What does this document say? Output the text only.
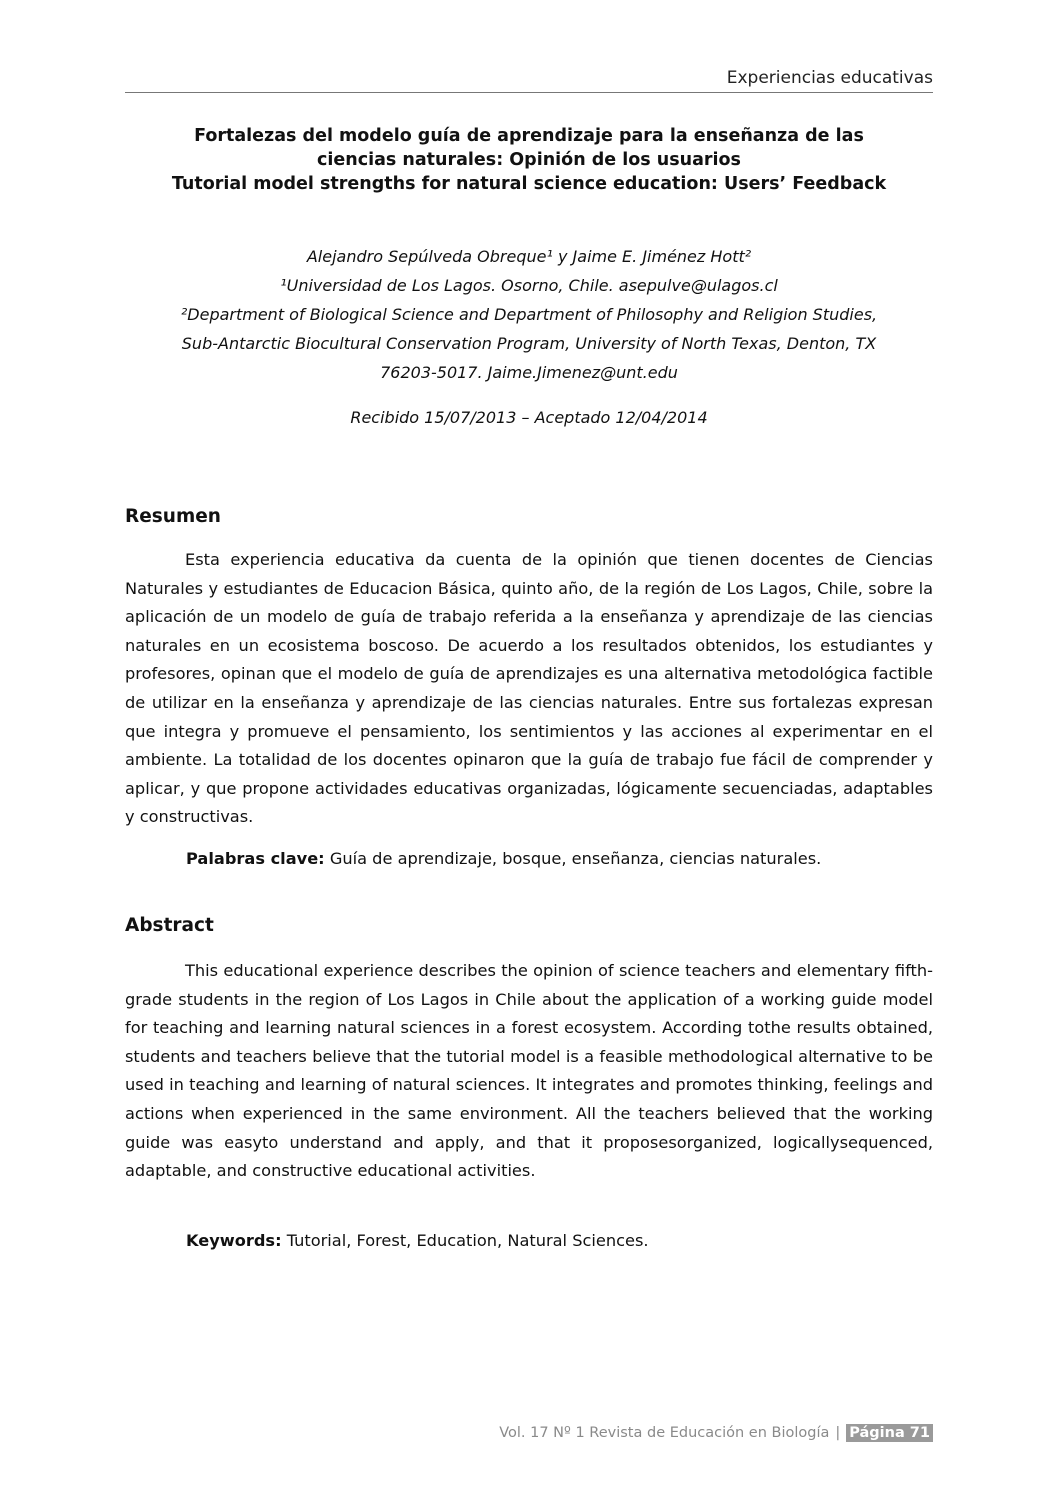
Experiencias educativas
Fortalezas del modelo guía de aprendizaje para la enseñanza de las
ciencias naturales: Opinión de los usuarios
Tutorial model strengths for natural science education: Users’ Feedback
Alejandro Sepúlveda Obreque¹ y Jaime E. Jiménez Hott²
¹Universidad de Los Lagos. Osorno, Chile. asepulve@ulagos.cl
²Department of Biological Science and Department of Philosophy and Religion Studies,
Sub-Antarctic Biocultural Conservation Program, University of North Texas, Denton, TX
76203-5017. Jaime.Jimenez@unt.edu
Recibido 15/07/2013 – Aceptado 12/04/2014
Resumen
Esta experiencia educativa da cuenta de la opinión que tienen docentes de Ciencias Naturales y estudiantes de Educacion Básica, quinto año, de la región de Los Lagos, Chile, sobre la aplicación de un modelo de guía de trabajo referida a la enseñanza y aprendizaje de las ciencias naturales en un ecosistema boscoso. De acuerdo a los resultados obtenidos, los estudiantes y profesores, opinan que el modelo de guía de aprendizajes es una alternativa metodológica factible de utilizar en la enseñanza y aprendizaje de las ciencias naturales. Entre sus fortalezas expresan que integra y promueve el pensamiento, los sentimientos y las acciones al experimentar en el ambiente. La totalidad de los docentes opinaron que la guía de trabajo fue fácil de comprender y aplicar, y que propone actividades educativas organizadas, lógicamente secuenciadas, adaptables y constructivas.
Palabras clave: Guía de aprendizaje, bosque, enseñanza, ciencias naturales.
Abstract
This educational experience describes the opinion of science teachers and elementary fifth-grade students in the region of Los Lagos in Chile about the application of a working guide model for teaching and learning natural sciences in a forest ecosystem. According tothe results obtained, students and teachers believe that the tutorial model is a feasible methodological alternative to be used in teaching and learning of natural sciences. It integrates and promotes thinking, feelings and actions when experienced in the same environment. All the teachers believed that the working guide was easyto understand and apply, and that it proposesorganized, logicallysequenced, adaptable, and constructive educational activities.
Keywords: Tutorial, Forest, Education, Natural Sciences.
Vol. 17 Nº 1 Revista de Educación en Biología | Página 71
